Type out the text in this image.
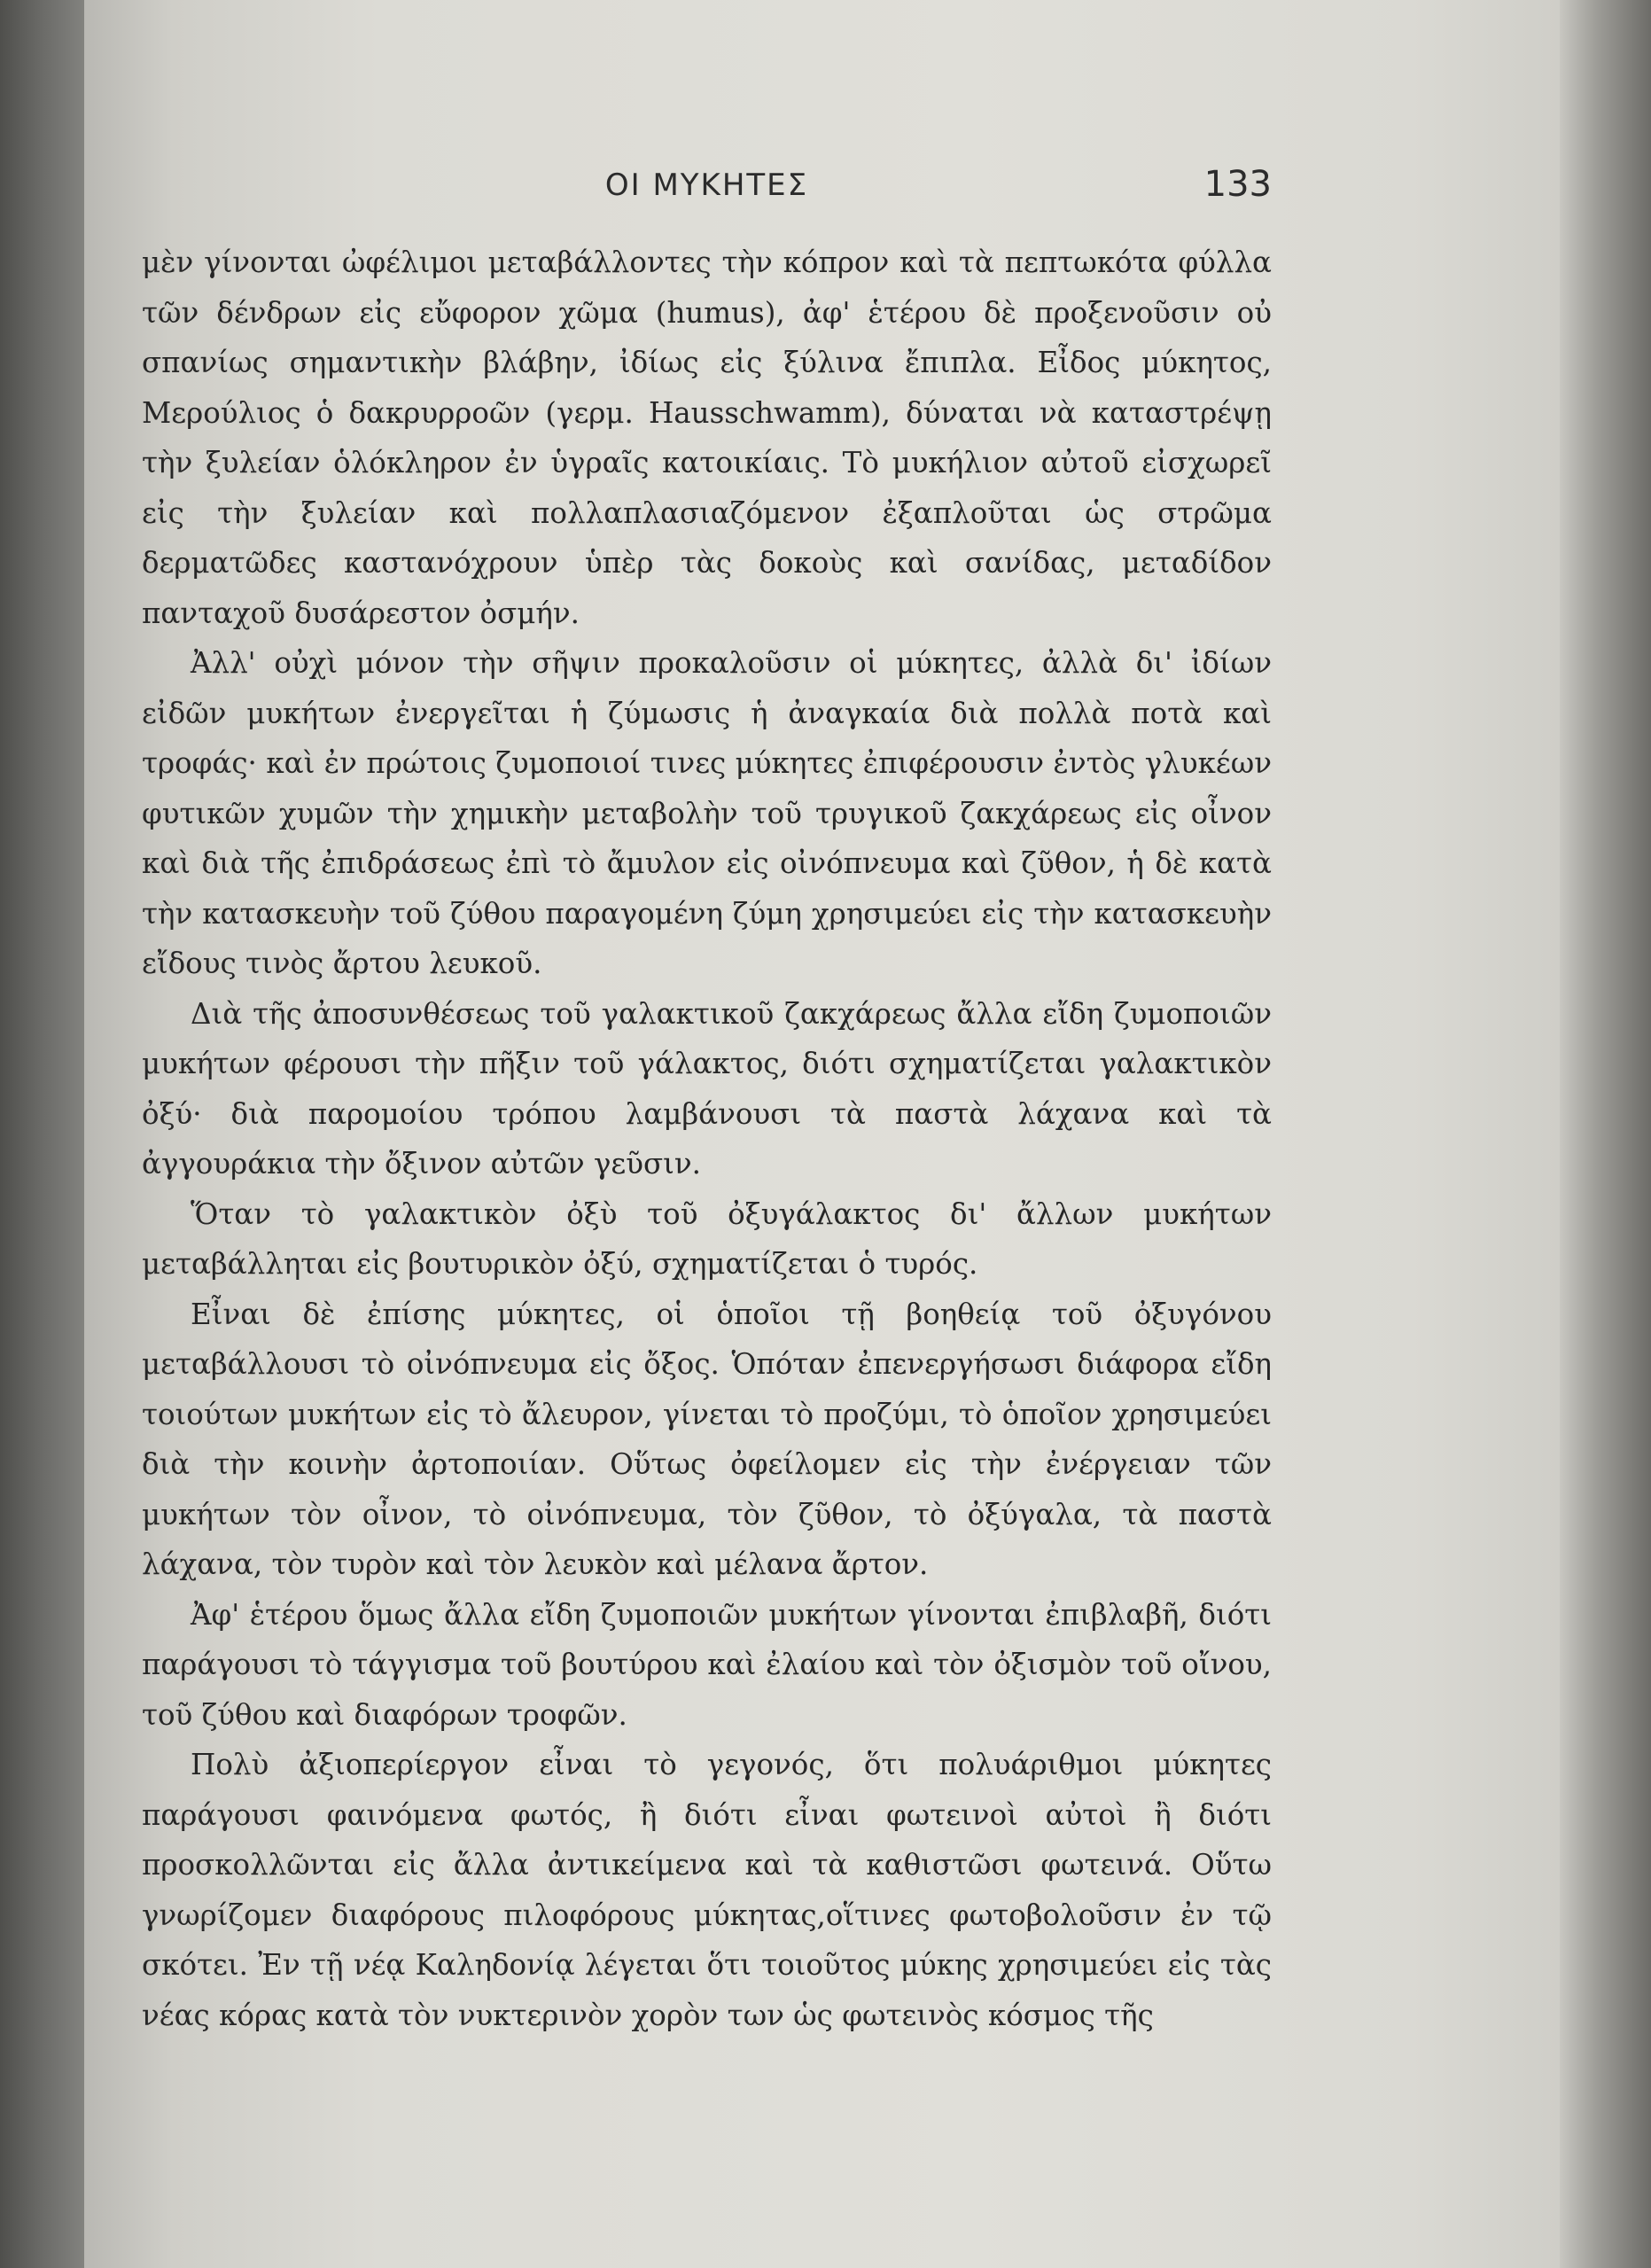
ΟΙ ΜΥΚΗΤΕΣ	133

μὲν γίνονται ὠφέλιμοι μεταβάλλοντες τὴν κόπρον καὶ τὰ πεπτωκότα φύλλα τῶν δένδρων εἰς εὔφορον χῶμα (humus), ἀφ' ἑτέρου δὲ προξενοῦσιν οὐ σπανίως σημαντικὴν βλάβην, ἰδίως εἰς ξύλινα ἔπιπλα. Εἶδος μύκητος, Μερούλιος ὁ δακρυρροῶν (γερμ. Hausschwamm), δύναται νὰ καταστρέψῃ τὴν ξυλείαν ὁλόκληρον ἐν ὑγραῖς κατοικίαις. Τὸ μυκήλιον αὐτοῦ εἰσχωρεῖ εἰς τὴν ξυλείαν καὶ πολλαπλασιαζόμενον ἐξαπλοῦται ὡς στρῶμα δερματῶδες καστανόχρουν ὑπὲρ τὰς δοκοὺς καὶ σανίδας, μεταδίδον πανταχοῦ δυσάρεστον ὀσμήν.

Ἀλλ' οὐχὶ μόνον τὴν σῆψιν προκαλοῦσιν οἱ μύκητες, ἀλλὰ δι' ἰδίων εἰδῶν μυκήτων ἐνεργεῖται ἡ ζύμωσις ἡ ἀναγκαία διὰ πολλὰ ποτὰ καὶ τροφάς· καὶ ἐν πρώτοις ζυμοποιοί τινες μύκητες ἐπιφέρουσιν ἐντὸς γλυκέων φυτικῶν χυμῶν τὴν χημικὴν μεταβολὴν τοῦ τρυγικοῦ ζακχάρεως εἰς οἶνον καὶ διὰ τῆς ἐπιδράσεως ἐπὶ τὸ ἄμυλον εἰς οἰνόπνευμα καὶ ζῦθον, ἡ δὲ κατὰ τὴν κατασκευὴν τοῦ ζύθου παραγομένη ζύμη χρησιμεύει εἰς τὴν κατασκευὴν εἴδους τινὸς ἄρτου λευκοῦ.

Διὰ τῆς ἀποσυνθέσεως τοῦ γαλακτικοῦ ζακχάρεως ἄλλα εἴδη ζυμοποιῶν μυκήτων φέρουσι τὴν πῆξιν τοῦ γάλακτος, διότι σχηματίζεται γαλακτικὸν ὀξύ· διὰ παρομοίου τρόπου λαμβάνουσι τὰ παστὰ λάχανα καὶ τὰ ἀγγουράκια τὴν ὄξινον αὐτῶν γεῦσιν.

Ὅταν τὸ γαλακτικὸν ὀξὺ τοῦ ὀξυγάλακτος δι' ἄλλων μυκήτων μεταβάλληται εἰς βουτυρικὸν ὀξύ, σχηματίζεται ὁ τυρός.

Εἶναι δὲ ἐπίσης μύκητες, οἱ ὁποῖοι τῇ βοηθείᾳ τοῦ ὀξυγόνου μεταβάλλουσι τὸ οἰνόπνευμα εἰς ὄξος. Ὁπόταν ἐπενεργήσωσι διάφορα εἴδη τοιούτων μυκήτων εἰς τὸ ἄλευρον, γίνεται τὸ προζύμι, τὸ ὁποῖον χρησιμεύει διὰ τὴν κοινὴν ἀρτοποιίαν. Οὕτως ὀφείλομεν εἰς τὴν ἐνέργειαν τῶν μυκήτων τὸν οἶνον, τὸ οἰνόπνευμα, τὸν ζῦθον, τὸ ὀξύγαλα, τὰ παστὰ λάχανα, τὸν τυρὸν καὶ τὸν λευκὸν καὶ μέλανα ἄρτον.

Ἀφ' ἑτέρου ὅμως ἄλλα εἴδη ζυμοποιῶν μυκήτων γίνονται ἐπιβλαβῆ, διότι παράγουσι τὸ τάγγισμα τοῦ βουτύρου καὶ ἐλαίου καὶ τὸν ὀξισμὸν τοῦ οἴνου, τοῦ ζύθου καὶ διαφόρων τροφῶν.

Πολὺ ἀξιοπερίεργον εἶναι τὸ γεγονός, ὅτι πολυάριθμοι μύκητες παράγουσι φαινόμενα φωτός, ἢ διότι εἶναι φωτεινοὶ αὐτοὶ ἢ διότι προσκολλῶνται εἰς ἄλλα ἀντικείμενα καὶ τὰ καθιστῶσι φωτεινά. Οὕτω γνωρίζομεν διαφόρους πιλοφόρους μύκητας,οἵτινες φωτοβολοῦσιν ἐν τῷ σκότει. Ἐν τῇ νέᾳ Καληδονίᾳ λέγεται ὅτι τοιοῦτος μύκης χρησιμεύει εἰς τὰς νέας κόρας κατὰ τὸν νυκτερινὸν χορὸν των ὡς φωτεινὸς κόσμος τῆς
